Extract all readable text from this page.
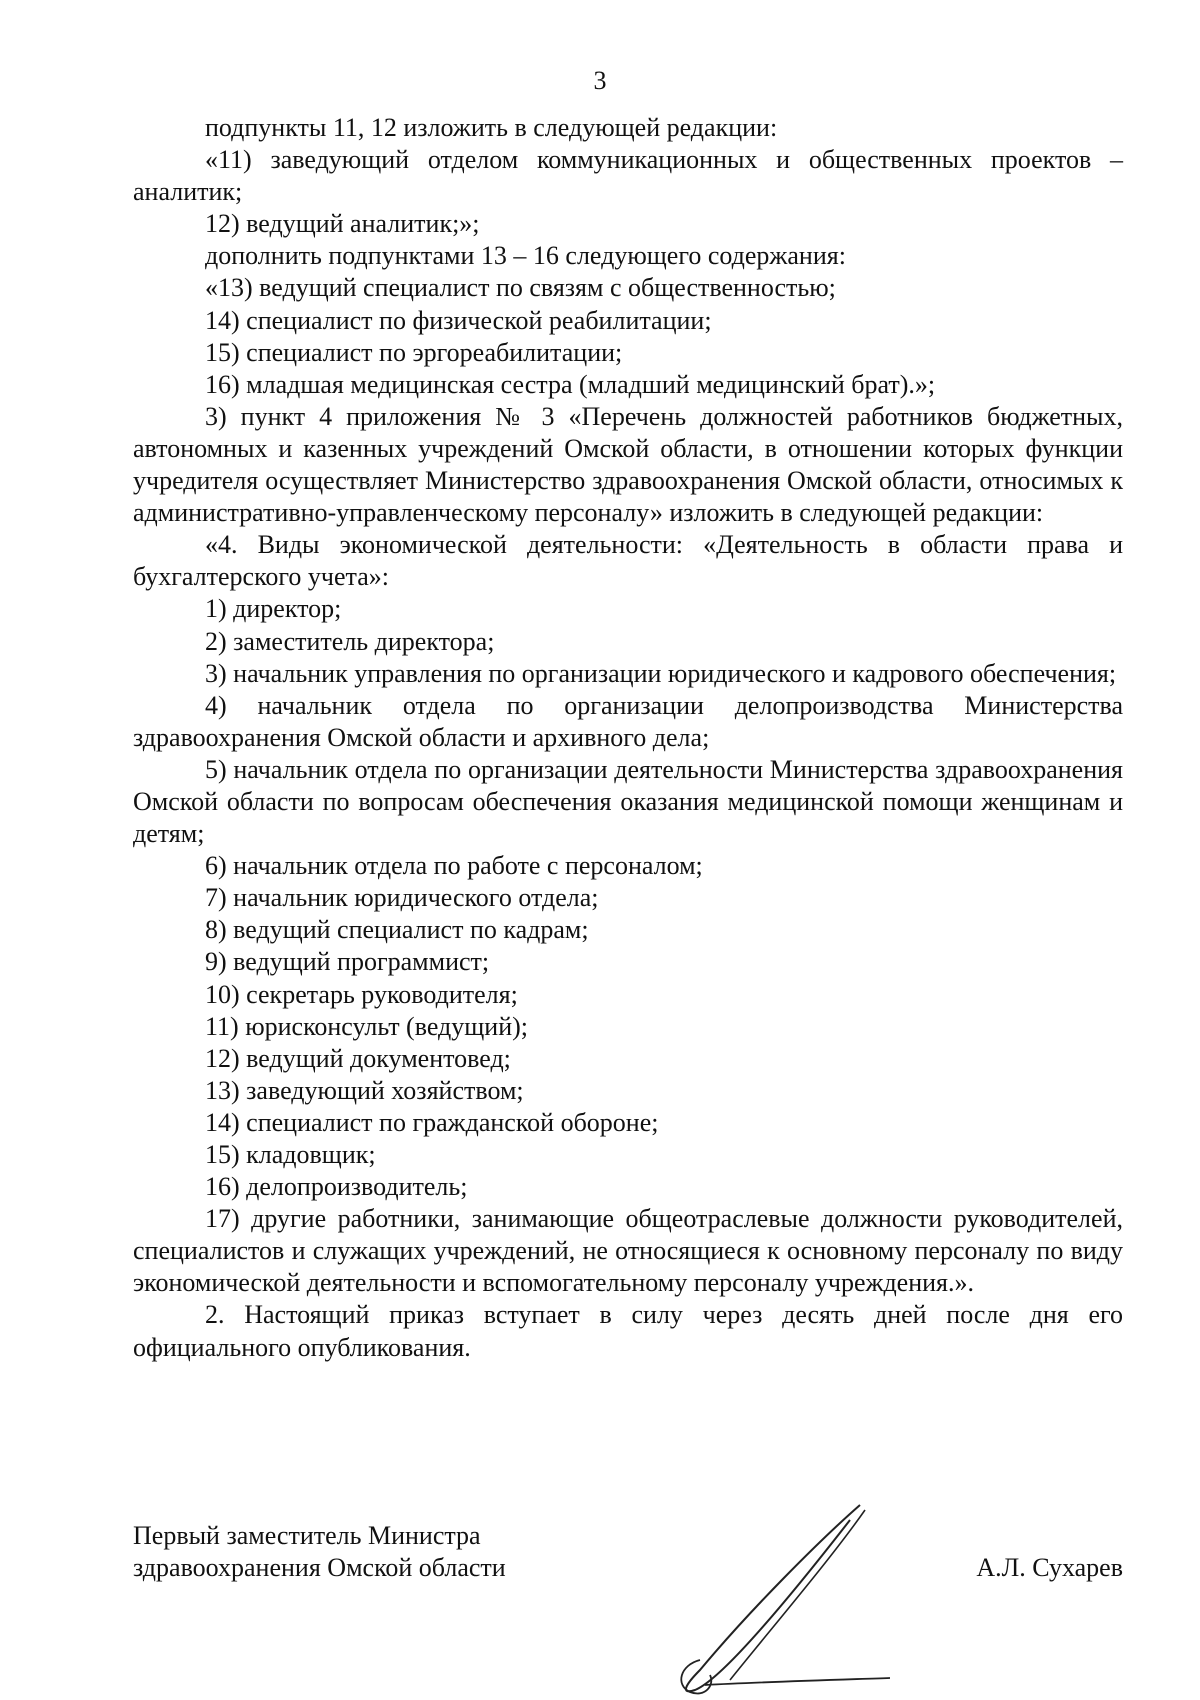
3

подпункты 11, 12 изложить в следующей редакции:

«11) заведующий отделом коммуникационных и общественных проектов – аналитик;

12) ведущий аналитик;»;

дополнить подпунктами 13 – 16 следующего содержания:

«13) ведущий специалист по связям с общественностью;

14) специалист по физической реабилитации;

15) специалист по эргореабилитации;

16) младшая медицинская сестра (младший медицинский брат).»;

3) пункт 4 приложения № 3 «Перечень должностей работников бюджетных, автономных и казенных учреждений Омской области, в отношении которых функции учредителя осуществляет Министерство здравоохранения Омской области, относимых к административно-управленческому персоналу» изложить в следующей редакции:

«4. Виды экономической деятельности: «Деятельность в области права и бухгалтерского учета»:

1) директор;

2) заместитель директора;

3) начальник управления по организации юридического и кадрового обеспечения;

4) начальник отдела по организации делопроизводства Министерства здравоохранения Омской области и архивного дела;

5) начальник отдела по организации деятельности Министерства здравоохранения Омской области по вопросам обеспечения оказания медицинской помощи женщинам и детям;

6) начальник отдела по работе с персоналом;

7) начальник юридического отдела;

8) ведущий специалист по кадрам;

9) ведущий программист;

10) секретарь руководителя;

11) юрисконсульт (ведущий);

12) ведущий документовед;

13) заведующий хозяйством;

14) специалист по гражданской обороне;

15) кладовщик;

16) делопроизводитель;

17) другие работники, занимающие общеотраслевые должности руководителей, специалистов и служащих учреждений, не относящиеся к основному персоналу по виду экономической деятельности и вспомогательному персоналу учреждения.».

2. Настоящий приказ вступает в силу через десять дней после дня его официального опубликования.

Первый заместитель Министра
здравоохранения Омской области	А.Л. Сухарев
